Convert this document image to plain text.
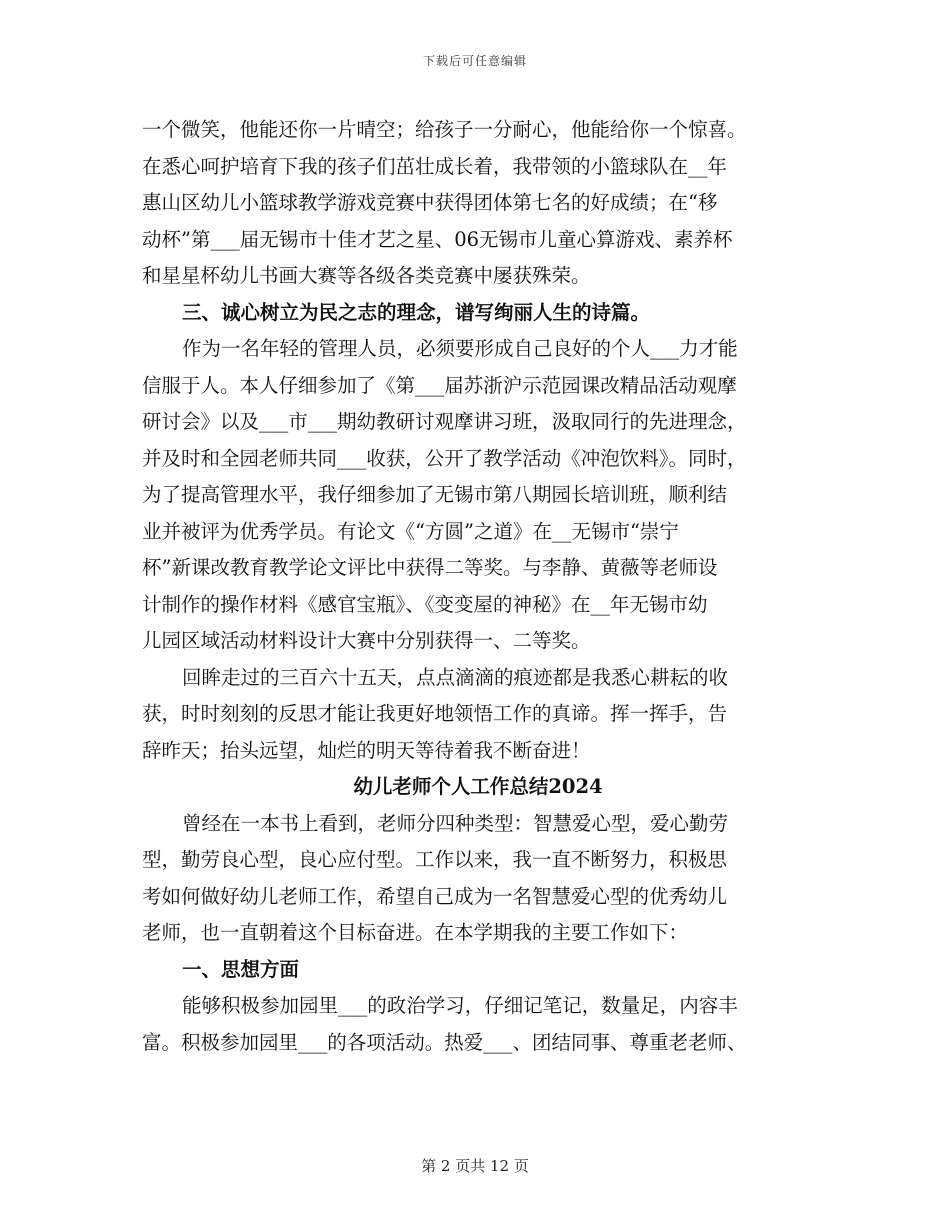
下载后可任意编辑
一个微笑，他能还你一片晴空；给孩子一分耐心，他能给你一个惊喜。
在悉心呵护培育下我的孩子们茁壮成长着，我带领的小篮球队在__年
惠山区幼儿小篮球教学游戏竞赛中获得团体第七名的好成绩；在“移
动杯”第___届无锡市十佳才艺之星、06无锡市儿童心算游戏、素养杯
和星星杯幼儿书画大赛等各级各类竞赛中屡获殊荣。
三、诚心树立为民之志的理念，谱写绚丽人生的诗篇。
作为一名年轻的管理人员，必须要形成自己良好的个人___力才能
信服于人。本人仔细参加了《第___届苏浙沪示范园课改精品活动观摩
研讨会》以及___市___期幼教研讨观摩讲习班，汲取同行的先进理念，
并及时和全园老师共同___收获，公开了教学活动《冲泡饮料》。同时，
为了提高管理水平，我仔细参加了无锡市第八期园长培训班，顺利结
业并被评为优秀学员。有论文《“方圆”之道》在__无锡市“崇宁
杯”新课改教育教学论文评比中获得二等奖。与李静、黄薇等老师设
计制作的操作材料《感官宝瓶》、《变变屋的神秘》在__年无锡市幼
儿园区域活动材料设计大赛中分别获得一、二等奖。
回眸走过的三百六十五天，点点滴滴的痕迹都是我悉心耕耘的收
获，时时刻刻的反思才能让我更好地领悟工作的真谛。挥一挥手，告
辞昨天；抬头远望，灿烂的明天等待着我不断奋进！
幼儿老师个人工作总结2024
曾经在一本书上看到，老师分四种类型：智慧爱心型，爱心勤劳
型，勤劳良心型，良心应付型。工作以来，我一直不断努力，积极思
考如何做好幼儿老师工作，希望自己成为一名智慧爱心型的优秀幼儿
老师，也一直朝着这个目标奋进。在本学期我的主要工作如下：
一、思想方面
能够积极参加园里___的政治学习，仔细记笔记，数量足，内容丰
富。积极参加园里___的各项活动。热爱___、团结同事、尊重老老师、
第 2 页共 12 页
